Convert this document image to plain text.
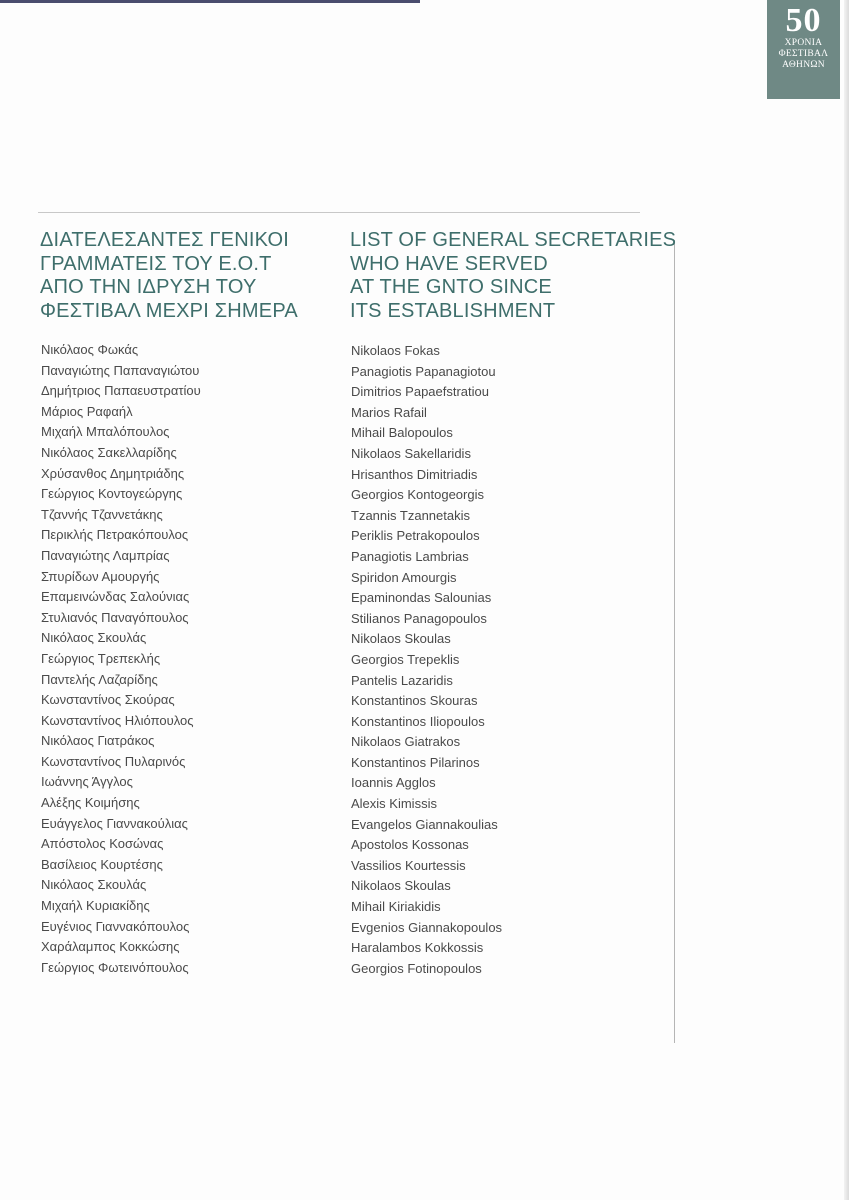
50
ΧΡΟΝΙΑ
ΦΕΣΤΙΒΑΛ
ΑΘΗΝΩΝ
ΔΙΑΤΕΛΕΣΑΝΤΕΣ ΓΕΝΙΚΟΙ
ΓΡΑΜΜΑΤΕΙΣ ΤΟΥ Ε.Ο.Τ
ΑΠΟ ΤΗΝ ΙΔΡΥΣΗ ΤΟΥ
ΦΕΣΤΙΒΑΛ ΜΕΧΡΙ ΣΗΜΕΡΑ
LIST OF GENERAL SECRETARIES
WHO HAVE SERVED
AT THE GNTO SINCE
ITS ESTABLISHMENT
Νικόλαος Φωκάς
Παναγιώτης Παπαναγιώτου
Δημήτριος Παπαευστρατίου
Μάριος Ραφαήλ
Μιχαήλ Μπαλόπουλος
Νικόλαος Σακελλαρίδης
Χρύσανθος Δημητριάδης
Γεώργιος Κοντογεώργης
Τζαννής Τζαννετάκης
Περικλής Πετρακόπουλος
Παναγιώτης Λαμπρίας
Σπυρίδων Αμουργής
Επαμεινώνδας Σαλούνιας
Στυλιανός Παναγόπουλος
Νικόλαος Σκουλάς
Γεώργιος Τρεπεκλής
Παντελής Λαζαρίδης
Κωνσταντίνος Σκούρας
Κωνσταντίνος Ηλιόπουλος
Νικόλαος Γιατράκος
Κωνσταντίνος Πυλαρινός
Ιωάννης Άγγλος
Αλέξης Κοιμήσης
Ευάγγελος Γιαννακούλιας
Απόστολος Κοσώνας
Βασίλειος Κουρτέσης
Νικόλαος Σκουλάς
Μιχαήλ Κυριακίδης
Ευγένιος Γιαννακόπουλος
Χαράλαμπος Κοκκώσης
Γεώργιος Φωτεινόπουλος
Nikolaos Fokas
Panagiotis Papanagiotou
Dimitrios Papaefstratiou
Marios Rafail
Mihail Balopoulos
Nikolaos Sakellaridis
Hrisanthos Dimitriadis
Georgios Kontogeorgis
Tzannis Tzannetakis
Periklis Petrakopoulos
Panagiotis Lambrias
Spiridon Amourgis
Epaminondas Salounias
Stilianos Panagopoulos
Nikolaos Skoulas
Georgios Trepeklis
Pantelis Lazaridis
Konstantinos Skouras
Konstantinos Iliopoulos
Nikolaos Giatrakos
Konstantinos Pilarinos
Ioannis Agglos
Alexis Kimissis
Evangelos Giannakoulias
Apostolos Kossonas
Vassilios Kourtessis
Nikolaos Skoulas
Mihail Kiriakidis
Evgenios Giannakopoulos
Haralambos Kokkossis
Georgios Fotinopoulos
